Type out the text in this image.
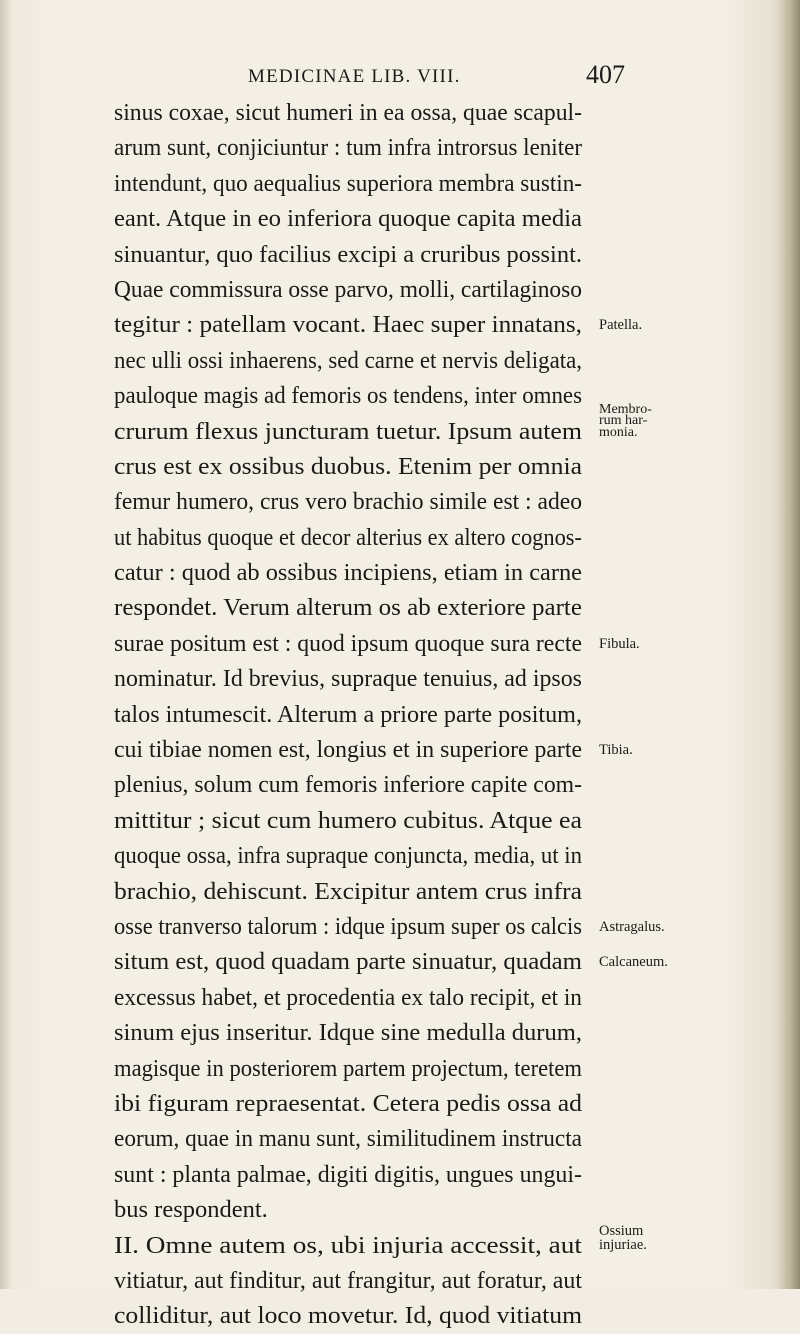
MEDICINAE LIB. VIII.	407
sinus coxae, sicut humeri in ea ossa, quae scapul-
arum sunt, conjiciuntur : tum infra introrsus leniter
intendunt, quo aequalius superiora membra sustin-
eant. Atque in eo inferiora quoque capita media
sinuantur, quo facilius excipi a cruribus possint.
Quae commissura osse parvo, molli, cartilaginoso
tegitur : patellam vocant. Haec super innatans, Patella.
nec ulli ossi inhaerens, sed carne et nervis deligata,
pauloque magis ad femoris os tendens, inter omnes
crurum flexus juncturam tuetur. Ipsum autem
Membro-
rum har-
monia.
crus est ex ossibus duobus. Etenim per omnia
femur humero, crus vero brachio simile est : adeo
ut habitus quoque et decor alterius ex altero cognos-
catur : quod ab ossibus incipiens, etiam in carne
respondet. Verum alterum os ab exteriore parte
surae positum est : quod ipsum quoque sura recte Fibula.
nominatur. Id brevius, supraque tenuius, ad ipsos
talos intumescit. Alterum a priore parte positum,
cui tibiae nomen est, longius et in superiore parte Tibia.
plenius, solum cum femoris inferiore capite com-
mittitur ; sicut cum humero cubitus. Atque ea
quoque ossa, infra supraque conjuncta, media, ut in
brachio, dehiscunt. Excipitur antem crus infra
osse tranverso talorum : idque ipsum super os calcis Astragalus.
situm est, quod quadam parte sinuatur, quadam Calcaneum.
excessus habet, et procedentia ex talo recipit, et in
sinum ejus inseritur. Idque sine medulla durum,
magisque in posteriorem partem projectum, teretem
ibi figuram repraesentat. Cetera pedis ossa ad
eorum, quae in manu sunt, similitudinem instructa
sunt : planta palmae, digiti digitis, ungues ungui-
bus respondent.
II. Omne autem os, ubi injuria accessit, aut
Ossium
injuriae.
vitiatur, aut finditur, aut frangitur, aut foratur, aut
colliditur, aut loco movetur. Id, quod vitiatum
